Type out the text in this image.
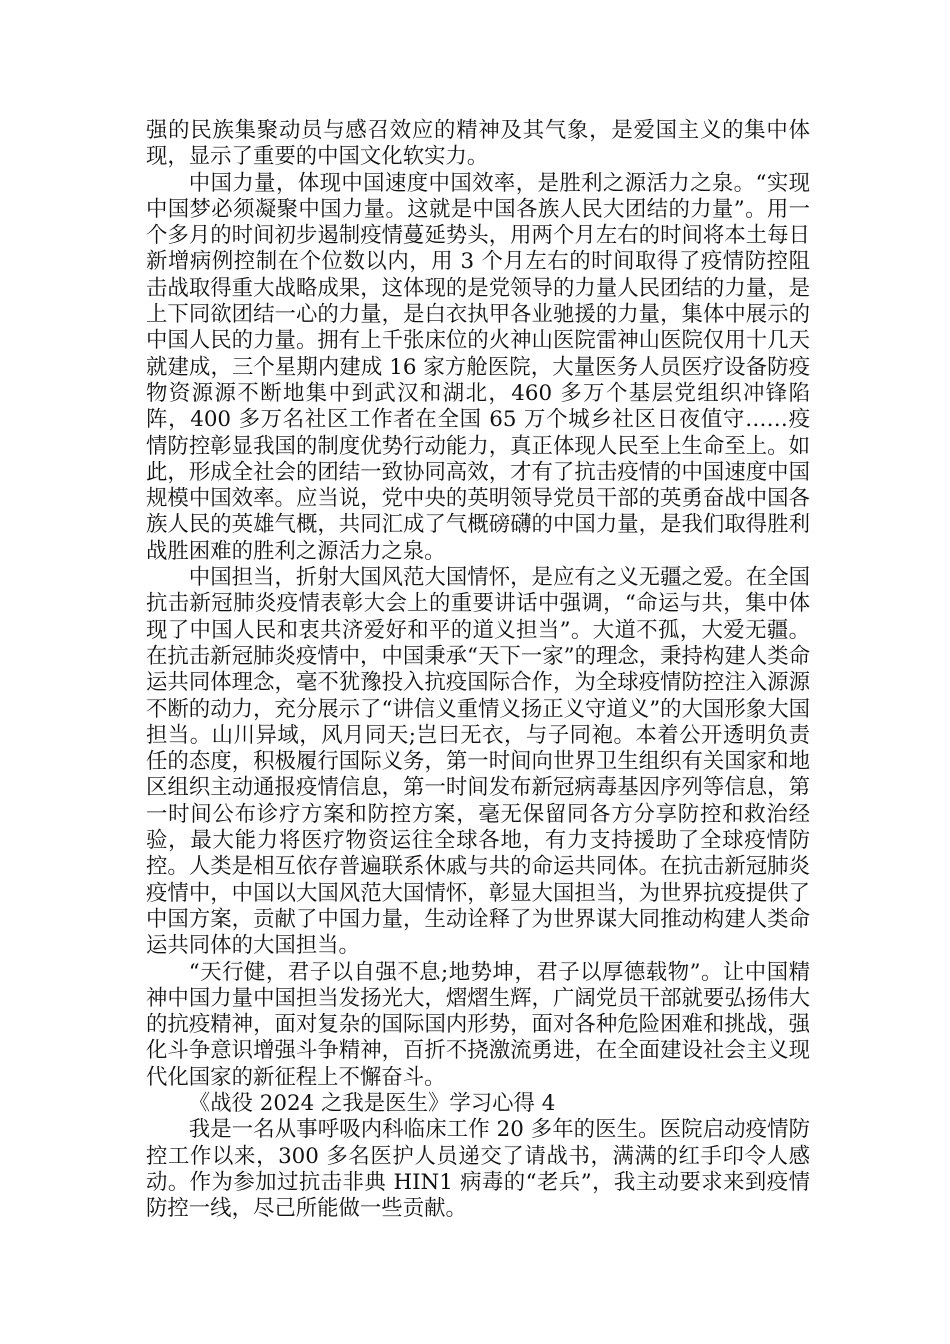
强的民族集聚动员与感召效应的精神及其气象，是爱国主义的集中体现，显示了重要的中国文化软实力。

中国力量，体现中国速度中国效率，是胜利之源活力之泉。“实现中国梦必须凝聚中国力量。这就是中国各族人民大团结的力量”。用一个多月的时间初步遏制疫情蔓延势头，用两个月左右的时间将本土每日新增病例控制在个位数以内，用 3 个月左右的时间取得了疫情防控阻击战取得重大战略成果，这体现的是党领导的力量人民团结的力量，是上下同欲团结一心的力量，是白衣执甲各业驰援的力量，集体中展示的中国人民的力量。拥有上千张床位的火神山医院雷神山医院仅用十几天就建成，三个星期内建成 16 家方舱医院，大量医务人员医疗设备防疫物资源源不断地集中到武汉和湖北，460 多万个基层党组织冲锋陷阵，400 多万名社区工作者在全国 65 万个城乡社区日夜值守……疫情防控彰显我国的制度优势行动能力，真正体现人民至上生命至上。如此，形成全社会的团结一致协同高效，才有了抗击疫情的中国速度中国规模中国效率。应当说，党中央的英明领导党员干部的英勇奋战中国各族人民的英雄气概，共同汇成了气概磅礴的中国力量，是我们取得胜利战胜困难的胜利之源活力之泉。

中国担当，折射大国风范大国情怀，是应有之义无疆之爱。在全国抗击新冠肺炎疫情表彰大会上的重要讲话中强调，“命运与共，集中体现了中国人民和衷共济爱好和平的道义担当”。大道不孤，大爱无疆。在抗击新冠肺炎疫情中，中国秉承“天下一家”的理念，秉持构建人类命运共同体理念，毫不犹豫投入抗疫国际合作，为全球疫情防控注入源源不断的动力，充分展示了“讲信义重情义扬正义守道义”的大国形象大国担当。山川异域，风月同天;岂曰无衣，与子同袍。本着公开透明负责任的态度，积极履行国际义务，第一时间向世界卫生组织有关国家和地区组织主动通报疫情信息，第一时间发布新冠病毒基因序列等信息，第一时间公布诊疗方案和防控方案，毫无保留同各方分享防控和救治经验，最大能力将医疗物资运往全球各地，有力支持援助了全球疫情防控。人类是相互依存普遍联系休戚与共的命运共同体。在抗击新冠肺炎疫情中，中国以大国风范大国情怀，彰显大国担当，为世界抗疫提供了中国方案，贡献了中国力量，生动诠释了为世界谋大同推动构建人类命运共同体的大国担当。

“天行健，君子以自强不息;地势坤，君子以厚德载物”。让中国精神中国力量中国担当发扬光大，熠熠生辉，广阔党员干部就要弘扬伟大的抗疫精神，面对复杂的国际国内形势，面对各种危险困难和挑战，强化斗争意识增强斗争精神，百折不挠激流勇进，在全面建设社会主义现代化国家的新征程上不懈奋斗。

《战役 2024 之我是医生》学习心得 4

我是一名从事呼吸内科临床工作 20 多年的医生。医院启动疫情防控工作以来，300 多名医护人员递交了请战书，满满的红手印令人感动。作为参加过抗击非典 HIN1 病毒的“老兵”，我主动要求来到疫情防控一线，尽己所能做一些贡献。
